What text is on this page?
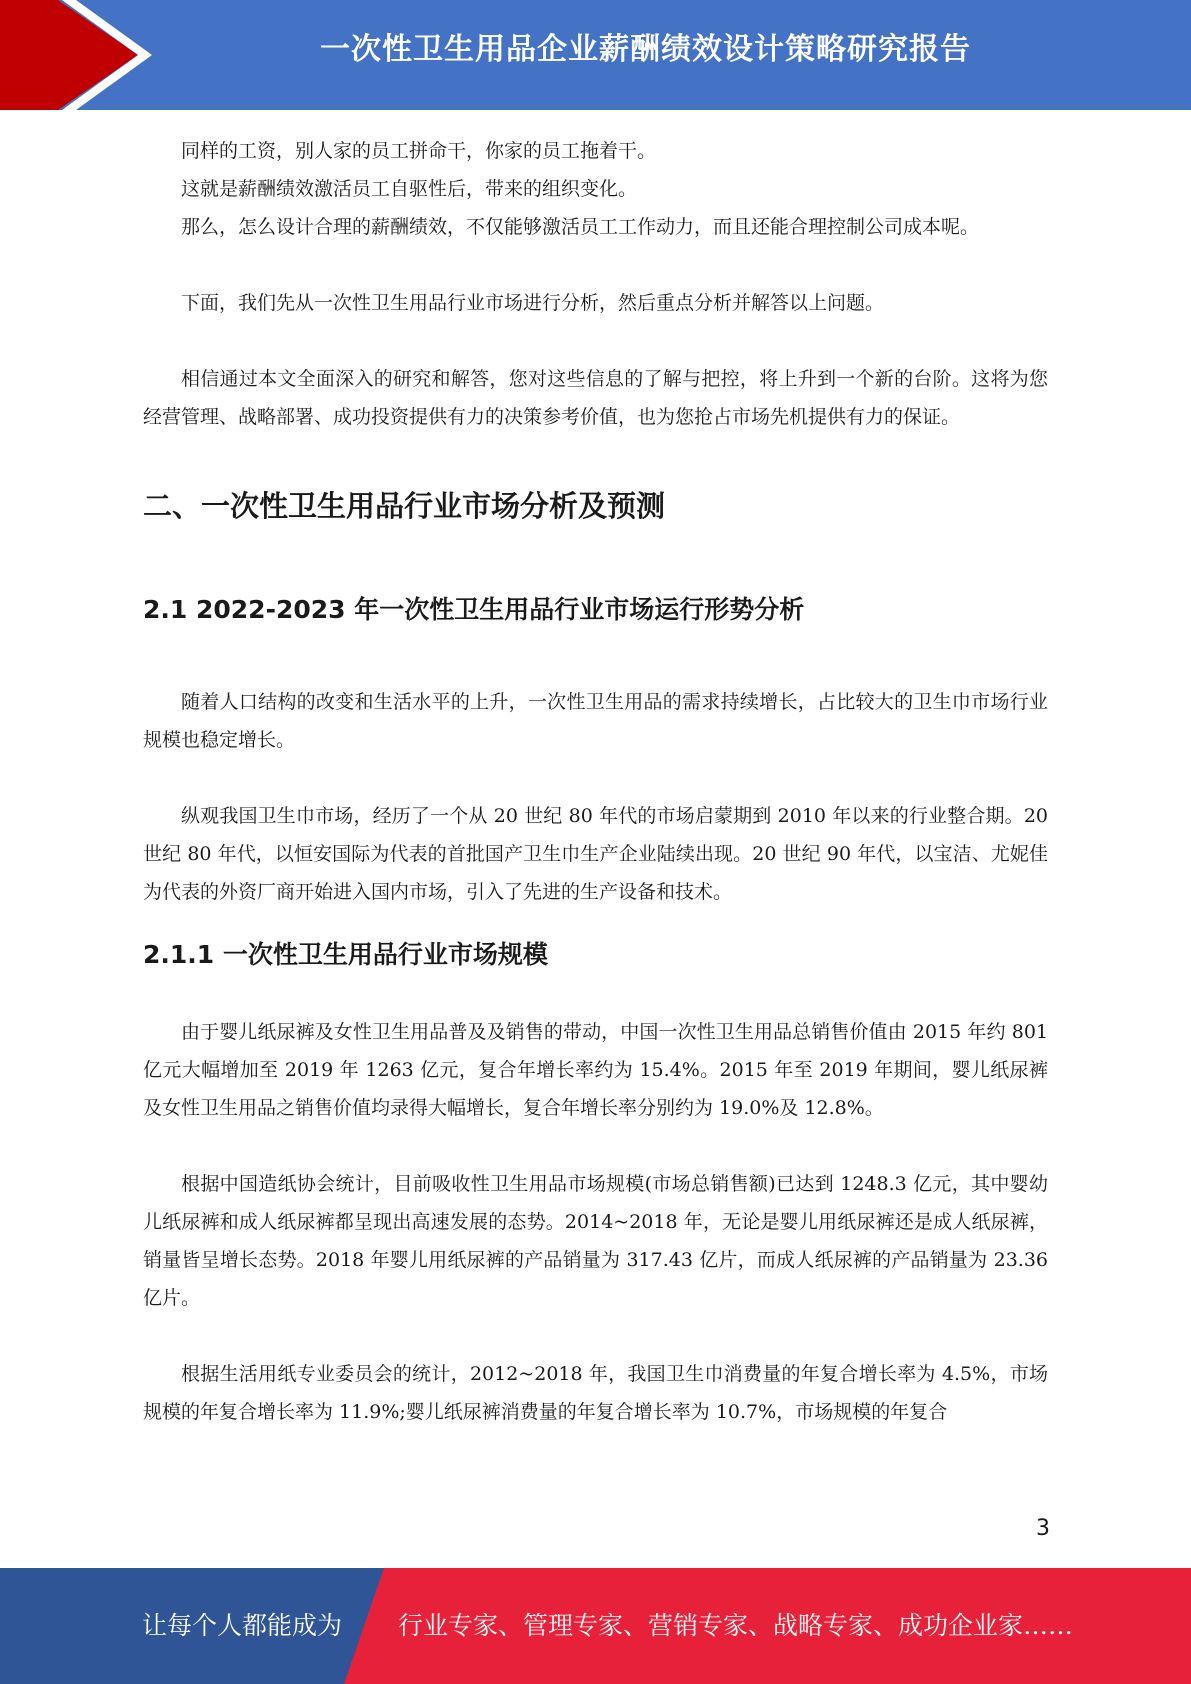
一次性卫生用品企业薪酬绩效设计策略研究报告

同样的工资，别人家的员工拼命干，你家的员工拖着干。

这就是薪酬绩效激活员工自驱性后，带来的组织变化。

那么，怎么设计合理的薪酬绩效，不仅能够激活员工工作动力，而且还能合理控制公司成本呢。

下面，我们先从一次性卫生用品行业市场进行分析，然后重点分析并解答以上问题。

相信通过本文全面深入的研究和解答，您对这些信息的了解与把控，将上升到一个新的台阶。这将为您经营管理、战略部署、成功投资提供有力的决策参考价值，也为您抢占市场先机提供有力的保证。

二、一次性卫生用品行业市场分析及预测
2.1 2022-2023 年一次性卫生用品行业市场运行形势分析

随着人口结构的改变和生活水平的上升，一次性卫生用品的需求持续增长，占比较大的卫生巾市场行业规模也稳定增长。

纵观我国卫生巾市场，经历了一个从 20 世纪 80 年代的市场启蒙期到 2010 年以来的行业整合期。20 世纪 80 年代，以恒安国际为代表的首批国产卫生巾生产企业陆续出现。20 世纪 90 年代，以宝洁、尤妮佳为代表的外资厂商开始进入国内市场，引入了先进的生产设备和技术。

2.1.1 一次性卫生用品行业市场规模

由于婴儿纸尿裤及女性卫生用品普及及销售的带动，中国一次性卫生用品总销售价值由 2015 年约 801 亿元大幅增加至 2019 年 1263 亿元，复合年增长率约为 15.4%。2015 年至 2019 年期间，婴儿纸尿裤及女性卫生用品之销售价值均录得大幅增长，复合年增长率分别约为 19.0%及 12.8%。

根据中国造纸协会统计，目前吸收性卫生用品市场规模(市场总销售额)已达到 1248.3 亿元，其中婴幼儿纸尿裤和成人纸尿裤都呈现出高速发展的态势。2014~2018 年，无论是婴儿用纸尿裤还是成人纸尿裤，销量皆呈增长态势。2018 年婴儿用纸尿裤的产品销量为 317.43 亿片，而成人纸尿裤的产品销量为 23.36 亿片。

根据生活用纸专业委员会的统计，2012~2018 年，我国卫生巾消费量的年复合增长率为 4.5%，市场规模的年复合增长率为 11.9%;婴儿纸尿裤消费量的年复合增长率为 10.7%，市场规模的年复合

3
让每个人都能成为 行业专家、管理专家、营销专家、战略专家、成功企业家……
